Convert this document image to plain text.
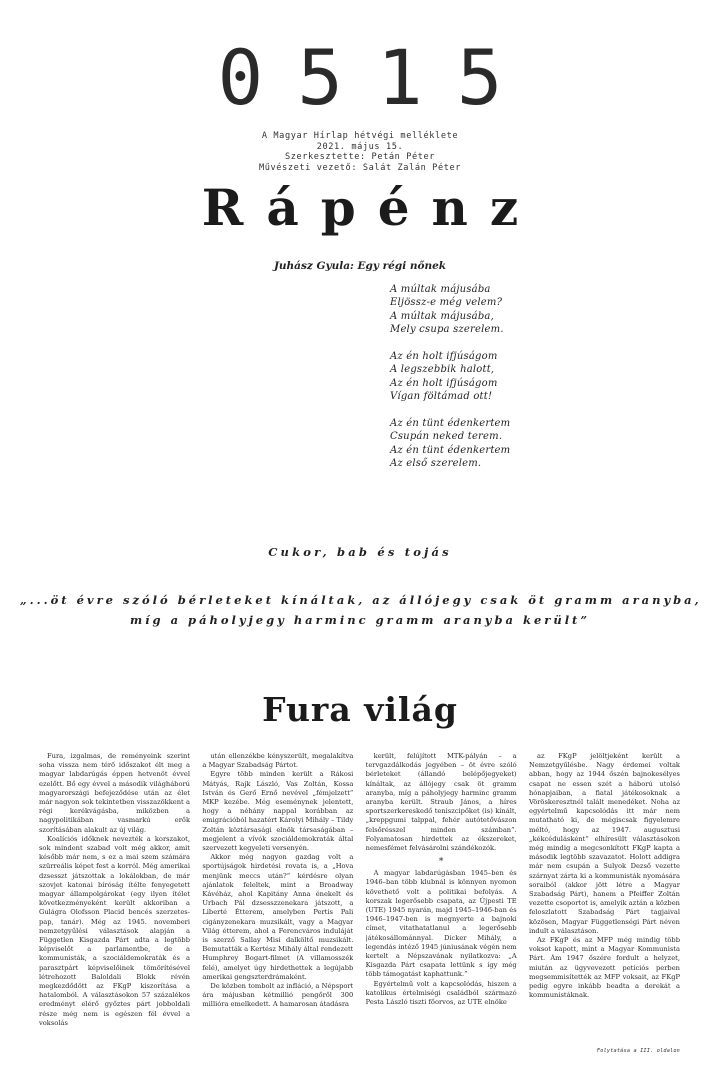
0515
A Magyar Hírlap hétvégi melléklete
2021. május 15.
Szerkesztette: Petán Péter
Művészeti vezető: Salát Zalán Péter
Rápénz
Juhász Gyula: Egy régi nőnek
A múltak májusába
Eljössz-e még velem?
A múltak májusába,
Mely csupa szerelem.
Az én holt ifjúságom
A legszebbik halott,
Az én holt ifjúságom
Vígan föltámad ott!
Az én tünt édenkertem
Csupán neked terem.
Az én tünt édenkertem
Az első szerelem.
Cukor, bab és tojás
„...öt évre szóló bérleteket kínáltak, az állójegy csak öt gramm aranyba,
míg a páholyjegy harminc gramm aranyba került”
Fura világ

Fura, izgalmas, de reményeink szerint soha vissza nem térő időszakot élt meg a magyar labdarúgás éppen hetvenöt évvel ezelőtt. Bő egy évvel a második világháború magyarországi befejeződése után az élet már nagyon sok tekintetben visszazökkent a régi kerékvágásba, miközben a nagypolitikában vasmarkú erők szorításában alakult az új világ.

Koalíciós időknek nevezték a korszakot, sok mindent szabad volt még akkor, amit később már nem, s ez a mai szem számára szürreális képet fest a korról. Még amerikai dzsesszt játszottak a lokálokban, de már szovjet katonai bíróság ítélte fenyegetett magyar állampolgárokat (egy ilyen ítélet következményeként került akkoriban a Gulágra Olofsson Placid bencés szerzetes-pap, tanár). Még az 1945. novemberi nemzetgyűlési választások alapján a Független Kisgazda Párt adta a legtöbb képviselőt a parlamentbe, de a kommunisták, a szociáldemokraták és a parasztpárt képviselőinek tömörítésével létrehozott Baloldali Blokk révén megkezdődött az FKgP kiszorítása a hatalomból. A választásokon 57 százalékos eredményt elérő győztes párt jobboldali része még nem is egészen fél évvel a voksolás

után ellenzékbe kényszerült, megalakítva a Magyar Szabadság Pártot.

Egyre több minden került a Rákosi Mátyás, Rajk László, Vas Zoltán, Kossa István és Gerő Ernő nevével „fémjelzett” MKP kezébe. Még eseménynek jelentett, hogy a néhány nappal korábban az emigrációból hazatért Károlyi Mihály – Tildy Zoltán köztársasági elnök társaságában – megjelent a vívók szociáldemokraták által szervezett kegyeleti versenyén.

Akkor még nagyon gazdag volt a sportújságok hirdetési rovata is, a „Hova menjünk meccs után?” kérdésre olyan ajánlatok feleltek, mint a Broadway Kávéház, ahol Kapitány Anna énekelt és Urbach Pál dzsesszzenekara játszott, a Liberté Étterem, amelyben Pertis Pali cigányzenekara muzsikált, vagy a Magyar Világ étterem, ahol a Ferencváros induláját is szerző Sallay Misi dalköltő muzsikált. Bemutatták a Kertész Mihály által rendezett Humphrey Bogart-filmet (A villamosszék felé), amelyet úgy hirdethettek a legújabb amerikai gengszterdrámaként.

De közben tombolt az infláció, a Népsport ára májusban kétmillió pengőről 300 millióra emelkedett. A hamarosan átadásra

került, felújított MTK-pályán – a tervgazdálkodás jegyében – öt évre szóló bérleteket (állandó belépőjegyeket) kínáltak, az állójegy csak öt gramm aranyba, míg a páholyjegy harminc gramm aranyba került. Straub János, a híres sportszerkereskedő teniszcipőket (is) kínált, „kreppgumi talppal, fehér autótetővászon felsőrésszel minden számban”. Folyamatosan hirdettek az ékszereket, nemesfémet felvásárolni szándékozók.

*

A magyar labdarúgásban 1945–ben és 1946–ban több klubnál is könnyen nyomon követhető volt a politikai befolyás. A korszak legerősebb csapata, az Újpesti TE (UTE) 1945 nyarán, majd 1945–1946-ban és 1946–1947-ben is megnyerte a bajnoki címet, vitathatatlanul a legerősebb játékosállománnyal. Dicker Mihály, a legendás intéző 1945 júniusának végén nem kertelt a Népszavának nyilatkozva: „A Kisgazda Párt csapata lettünk s így még több támogatást kaphattunk.”

Egyértelmű volt a kapcsolódás, hiszen a katolikus értelmiségi családból származó Pesta László tiszti főorvos, az UTE elnöke

az FKgP jelöltjeként került a Nemzetgyűlésbe. Nagy érdemei voltak abban, hogy az 1944 őszén bajnokesélyes csapat ne essen szét a háború utolsó hónapjaiban, a fiatal játékosoknak a Vöröskeresztnél talált menedéket. Noha az egyértelmű kapcsolódás itt már nem mutatható ki, de mégiscsak figyelemre méltó, hogy az 1947. augusztusi „kékcédulásként” elhíresült választásokon még mindig a megcsonkított FKgP kapta a második legtöbb szavazatot. Holott addigra már nem csupán a Sulyok Dezső vezette szárnyat zárta ki a kommunisták nyomására soraiból (akkor jött létre a Magyar Szabadság Párt), hanem a Pfeiffer Zoltán vezette csoportot is, amelyik aztán a közben feloszlatott Szabadság Párt tagjaival közösen, Magyar Függetlenségi Párt néven indult a választáson.

Az FKgP és az MFP még mindig több voksot kapott, mint a Magyar Kommunista Párt. Ám 1947 őszére fordult a helyzet, miután az ügyvevezett petíciós perben megsemmisítették az MFP voksait, az FKgP pedig egyre inkább beadta a derekát a kommunistáknak.

Folytatása a III. oldalon
